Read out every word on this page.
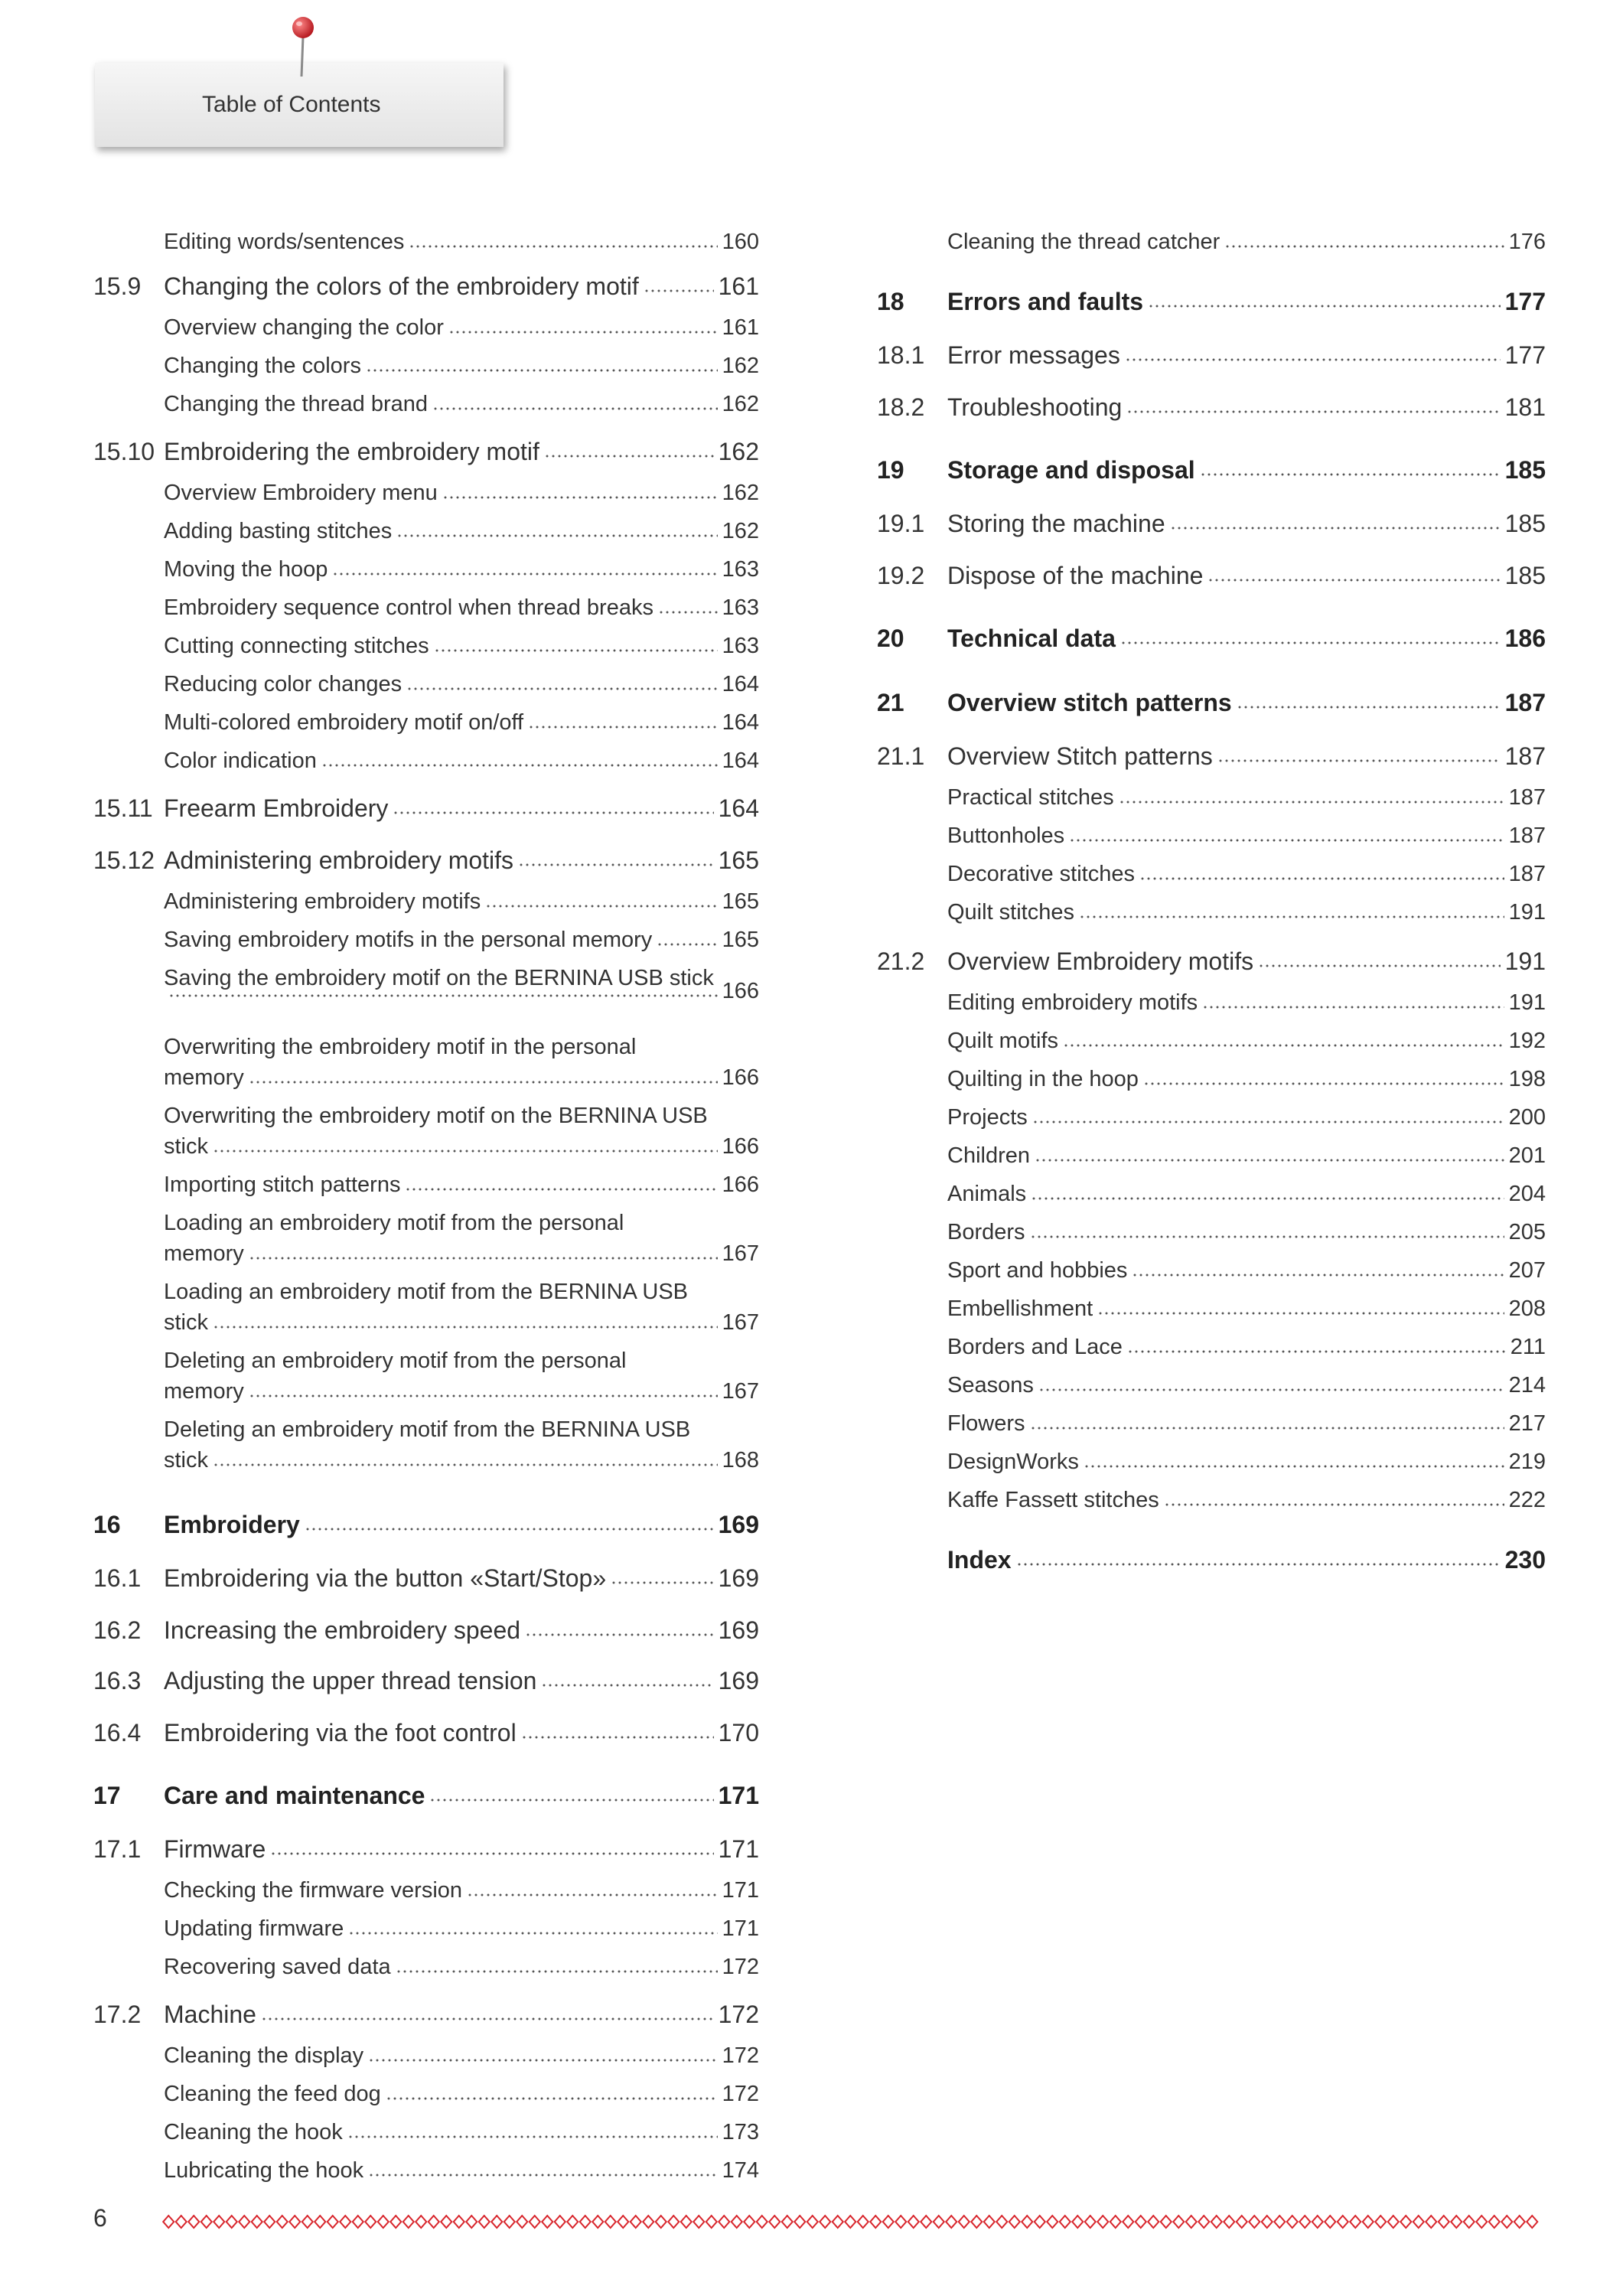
Table of Contents
Editing words/sentences	160
15.9 Changing the colors of the embroidery motif	161
Overview changing the color	161
Changing the colors	162
Changing the thread brand	162
15.10 Embroidering the embroidery motif	162
Overview Embroidery menu	162
Adding basting stitches	162
Moving the hoop	163
Embroidery sequence control when thread breaks	163
Cutting connecting stitches	163
Reducing color changes	164
Multi-colored embroidery motif on/off	164
Color indication	164
15.11 Freearm Embroidery	164
15.12 Administering embroidery motifs	165
Administering embroidery motifs	165
Saving embroidery motifs in the personal memory	165
Saving the embroidery motif on the BERNINA USB stick
166
Overwriting the embroidery motif in the personal
memory	166
Overwriting the embroidery motif on the BERNINA USB
stick	166
Importing stitch patterns	166
Loading an embroidery motif from the personal
memory	167
Loading an embroidery motif from the BERNINA USB
stick	167
Deleting an embroidery motif from the personal
memory	167
Deleting an embroidery motif from the BERNINA USB
stick	168
16 Embroidery	169
16.1 Embroidering via the button «Start/Stop»	169
16.2 Increasing the embroidery speed	169
16.3 Adjusting the upper thread tension	169
16.4 Embroidering via the foot control	170
17 Care and maintenance	171
17.1 Firmware	171
Checking the firmware version	171
Updating firmware	171
Recovering saved data	172
17.2 Machine	172
Cleaning the display	172
Cleaning the feed dog	172
Cleaning the hook	173
Lubricating the hook	174
Cleaning the thread catcher	176
18 Errors and faults	177
18.1 Error messages	177
18.2 Troubleshooting	181
19 Storage and disposal	185
19.1 Storing the machine	185
19.2 Dispose of the machine	185
20 Technical data	186
21 Overview stitch patterns	187
21.1 Overview Stitch patterns	187
Practical stitches	187
Buttonholes	187
Decorative stitches	187
Quilt stitches	191
21.2 Overview Embroidery motifs	191
Editing embroidery motifs	191
Quilt motifs	192
Quilting in the hoop	198
Projects	200
Children	201
Animals	204
Borders	205
Sport and hobbies	207
Embellishment	208
Borders and Lace	211
Seasons	214
Flowers	217
DesignWorks	219
Kaffe Fassett stitches	222
Index	230
6
